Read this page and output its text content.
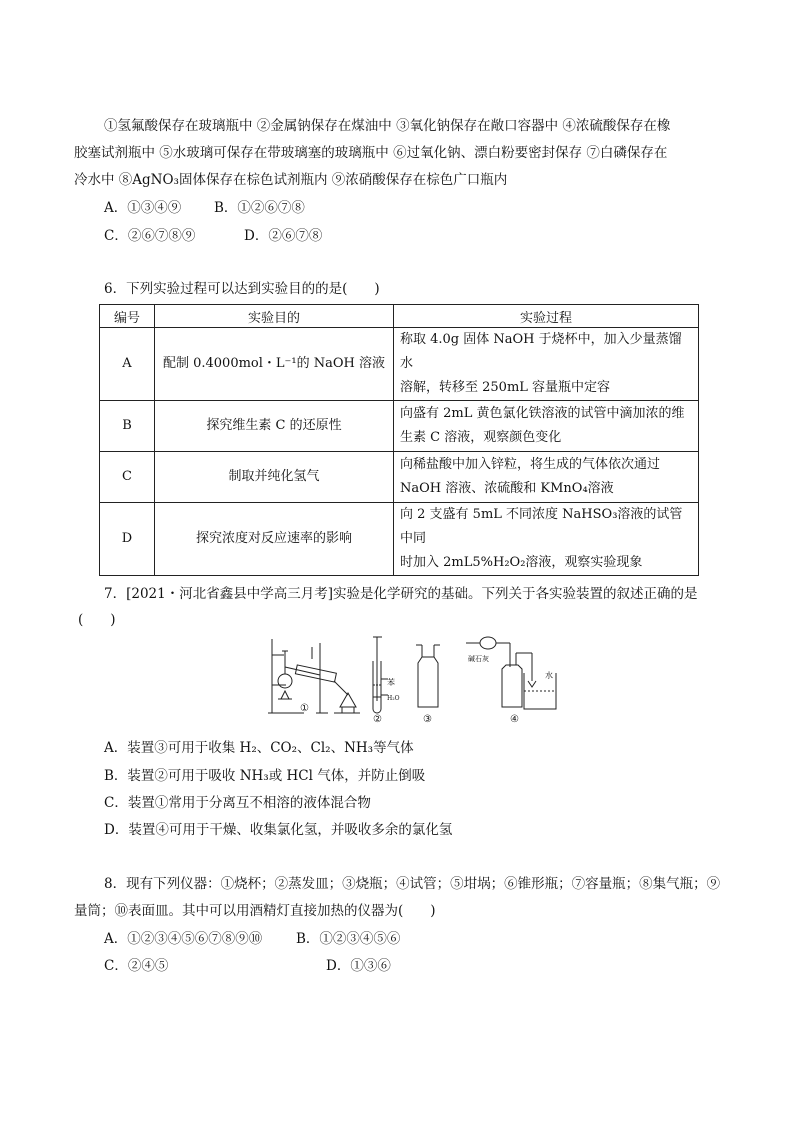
①氢氟酸保存在玻璃瓶中 ②金属钠保存在煤油中 ③氧化钠保存在敞口容器中 ④浓硫酸保存在橡
胶塞试剂瓶中 ⑤水玻璃可保存在带玻璃塞的玻璃瓶中 ⑥过氧化钠、漂白粉要密封保存 ⑦白磷保存在
冷水中 ⑧AgNO₃固体保存在棕色试剂瓶内 ⑨浓硝酸保存在棕色广口瓶内
A．①③④⑨ B．①②⑥⑦⑧
C．②⑥⑦⑧⑨	D．②⑥⑦⑧
6．下列实验过程可以达到实验目的的是(　　)
编号	实验目的	实验过程
A	配制 0.4000mol・L⁻¹的 NaOH 溶液	称取 4.0g 固体 NaOH 于烧杯中，加入少量蒸馏水
溶解，转移至 250mL 容量瓶中定容
B	探究维生素 C 的还原性	向盛有 2mL 黄色氯化铁溶液的试管中滴加浓的维
生素 C 溶液，观察颜色变化
C	制取并纯化氢气	向稀盐酸中加入锌粒，将生成的气体依次通过
NaOH 溶液、浓硫酸和 KMnO₄溶液
D	探究浓度对反应速率的影响	向 2 支盛有 5mL 不同浓度 NaHSO₃溶液的试管中同
时加入 2mL5%H₂O₂溶液，观察实验现象
7．[2021・河北省鑫县中学高三月考]实验是化学研究的基础。下列关于各实验装置的叙述正确的是
(　　)
①
②	③	④
苯
H₂O
碱石灰
水
A．装置③可用于收集 H₂、CO₂、Cl₂、NH₃等气体
B．装置②可用于吸收 NH₃或 HCl 气体，并防止倒吸
C．装置①常用于分离互不相溶的液体混合物
D．装置④可用于干燥、收集氯化氢，并吸收多余的氯化氢
8．现有下列仪器：①烧杯；②蒸发皿；③烧瓶；④试管；⑤坩埚；⑥锥形瓶；⑦容量瓶；⑧集气瓶；⑨
量筒；⑩表面皿。其中可以用酒精灯直接加热的仪器为(　　)
A．①②③④⑤⑥⑦⑧⑨⑩	B．①②③④⑤⑥
C．②④⑤	D．①③⑥
